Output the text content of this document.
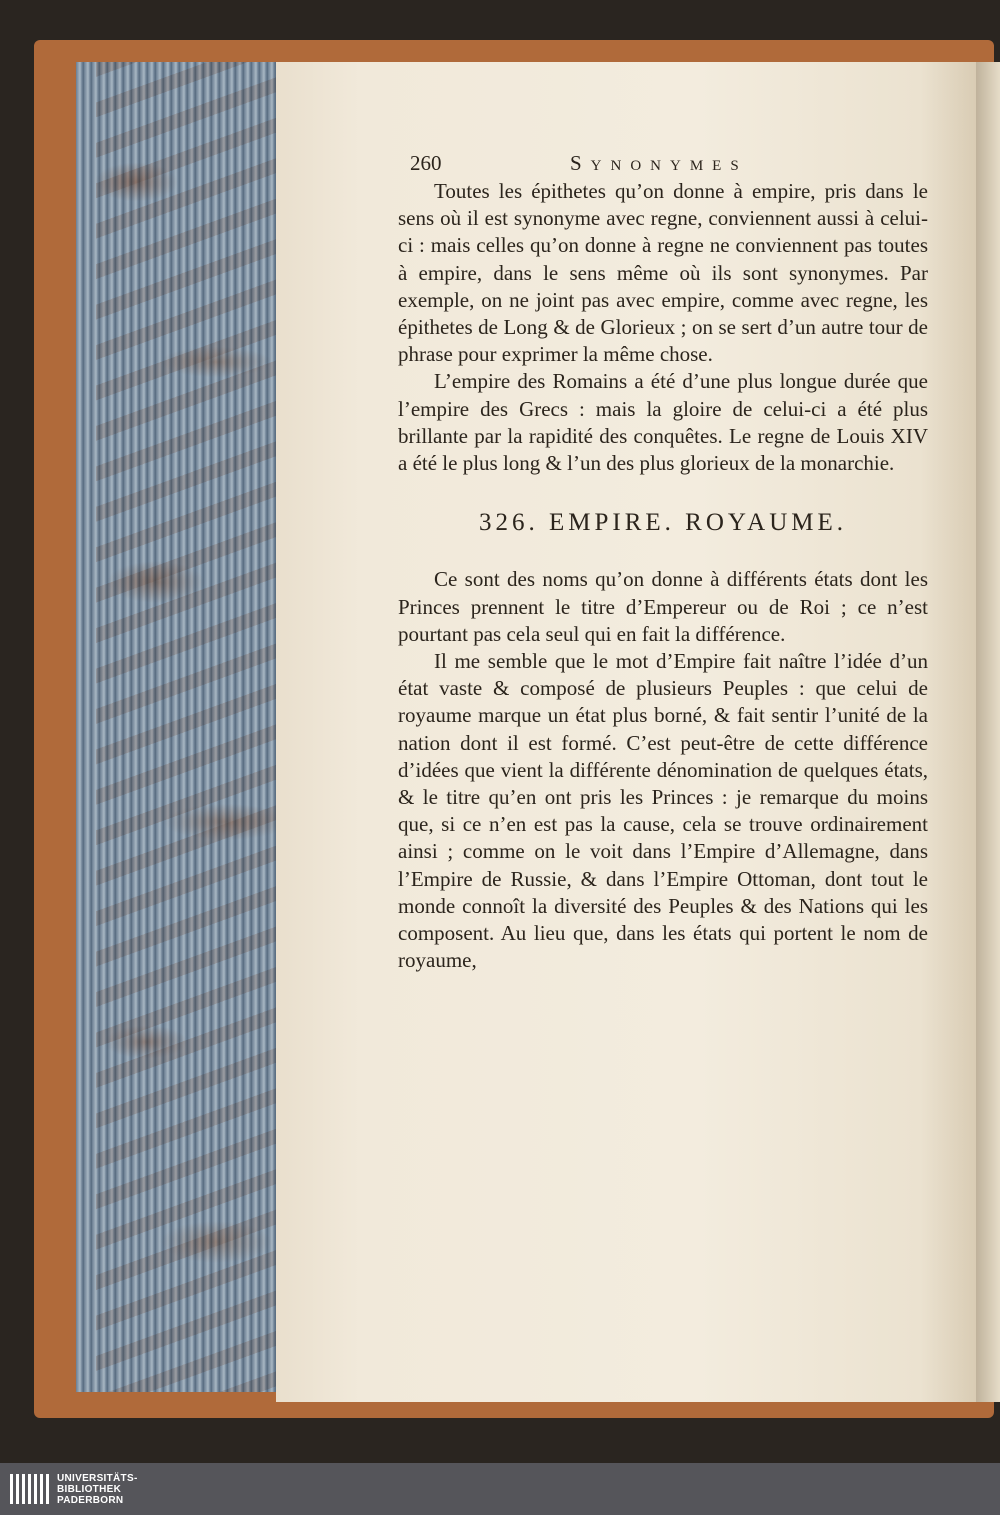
260	Synonymes

Toutes les épithetes qu’on donne à empire, pris dans le sens où il est synonyme avec regne, conviennent aussi à celui-ci : mais celles qu’on donne à regne ne conviennent pas toutes à empire, dans le sens même où ils sont synonymes. Par exemple, on ne joint pas avec empire, comme avec regne, les épithetes de Long & de Glorieux ; on se sert d’un autre tour de phrase pour exprimer la même chose.

L’empire des Romains a été d’une plus longue durée que l’empire des Grecs : mais la gloire de celui-ci a été plus brillante par la rapidité des conquêtes. Le regne de Louis XIV a été le plus long & l’un des plus glorieux de la monarchie.

326. EMPIRE. ROYAUME.

Ce sont des noms qu’on donne à différents états dont les Princes prennent le titre d’Empereur ou de Roi ; ce n’est pourtant pas cela seul qui en fait la différence.

Il me semble que le mot d’Empire fait naître l’idée d’un état vaste & composé de plusieurs Peuples : que celui de royaume marque un état plus borné, & fait sentir l’unité de la nation dont il est formé. C’est peut-être de cette différence d’idées que vient la différente dénomination de quelques états, & le titre qu’en ont pris les Princes : je remarque du moins que, si ce n’en est pas la cause, cela se trouve ordinairement ainsi ; comme on le voit dans l’Empire d’Allemagne, dans l’Empire de Russie, & dans l’Empire Ottoman, dont tout le monde connoît la diversité des Peuples & des Nations qui les composent. Au lieu que, dans les états qui portent le nom de royaume,

UNIVERSITÄTS-
BIBLIOTHEK
PADERBORN
